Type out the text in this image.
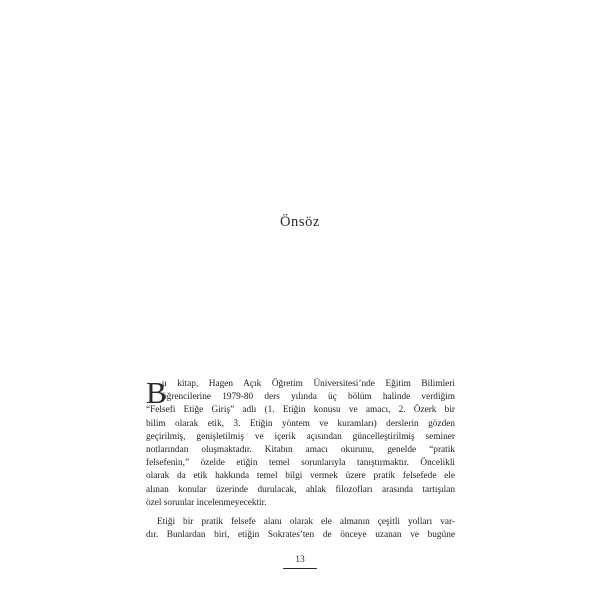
Önsöz
B
u kitap, Hagen Açık Öğretim Üniversitesi’nde Eğitim Bilimleri
öğrencilerine 1979-80 ders yılında üç bölüm halinde verdiğim
“Felsefi Etiğe Giriş” adlı (1. Etiğin konusu ve amacı, 2. Özerk bir
bilim olarak etik, 3. Etiğin yöntem ve kuramları) derslerin gözden
geçirilmiş, genişletilmiş ve içerik açısından güncelleştirilmiş seminer
notlarından oluşmaktadır. Kitabın amacı okurunu, genelde “pratik
felsefenin,” özelde etiğin temel sorunlarıyla tanıştırmaktır. Öncelikli
olarak da etik hakkında temel bilgi vermek üzere pratik felsefede ele
alınan konular üzerinde durulacak, ahlak filozofları arasında tartışılan
özel sorunlar incelenmeyecektir.
Etiği bir pratik felsefe alanı olarak ele almanın çeşitli yolları var-
dır. Bunlardan biri, etiğin Sokrates’ten de önceye uzanan ve bugüne
13
